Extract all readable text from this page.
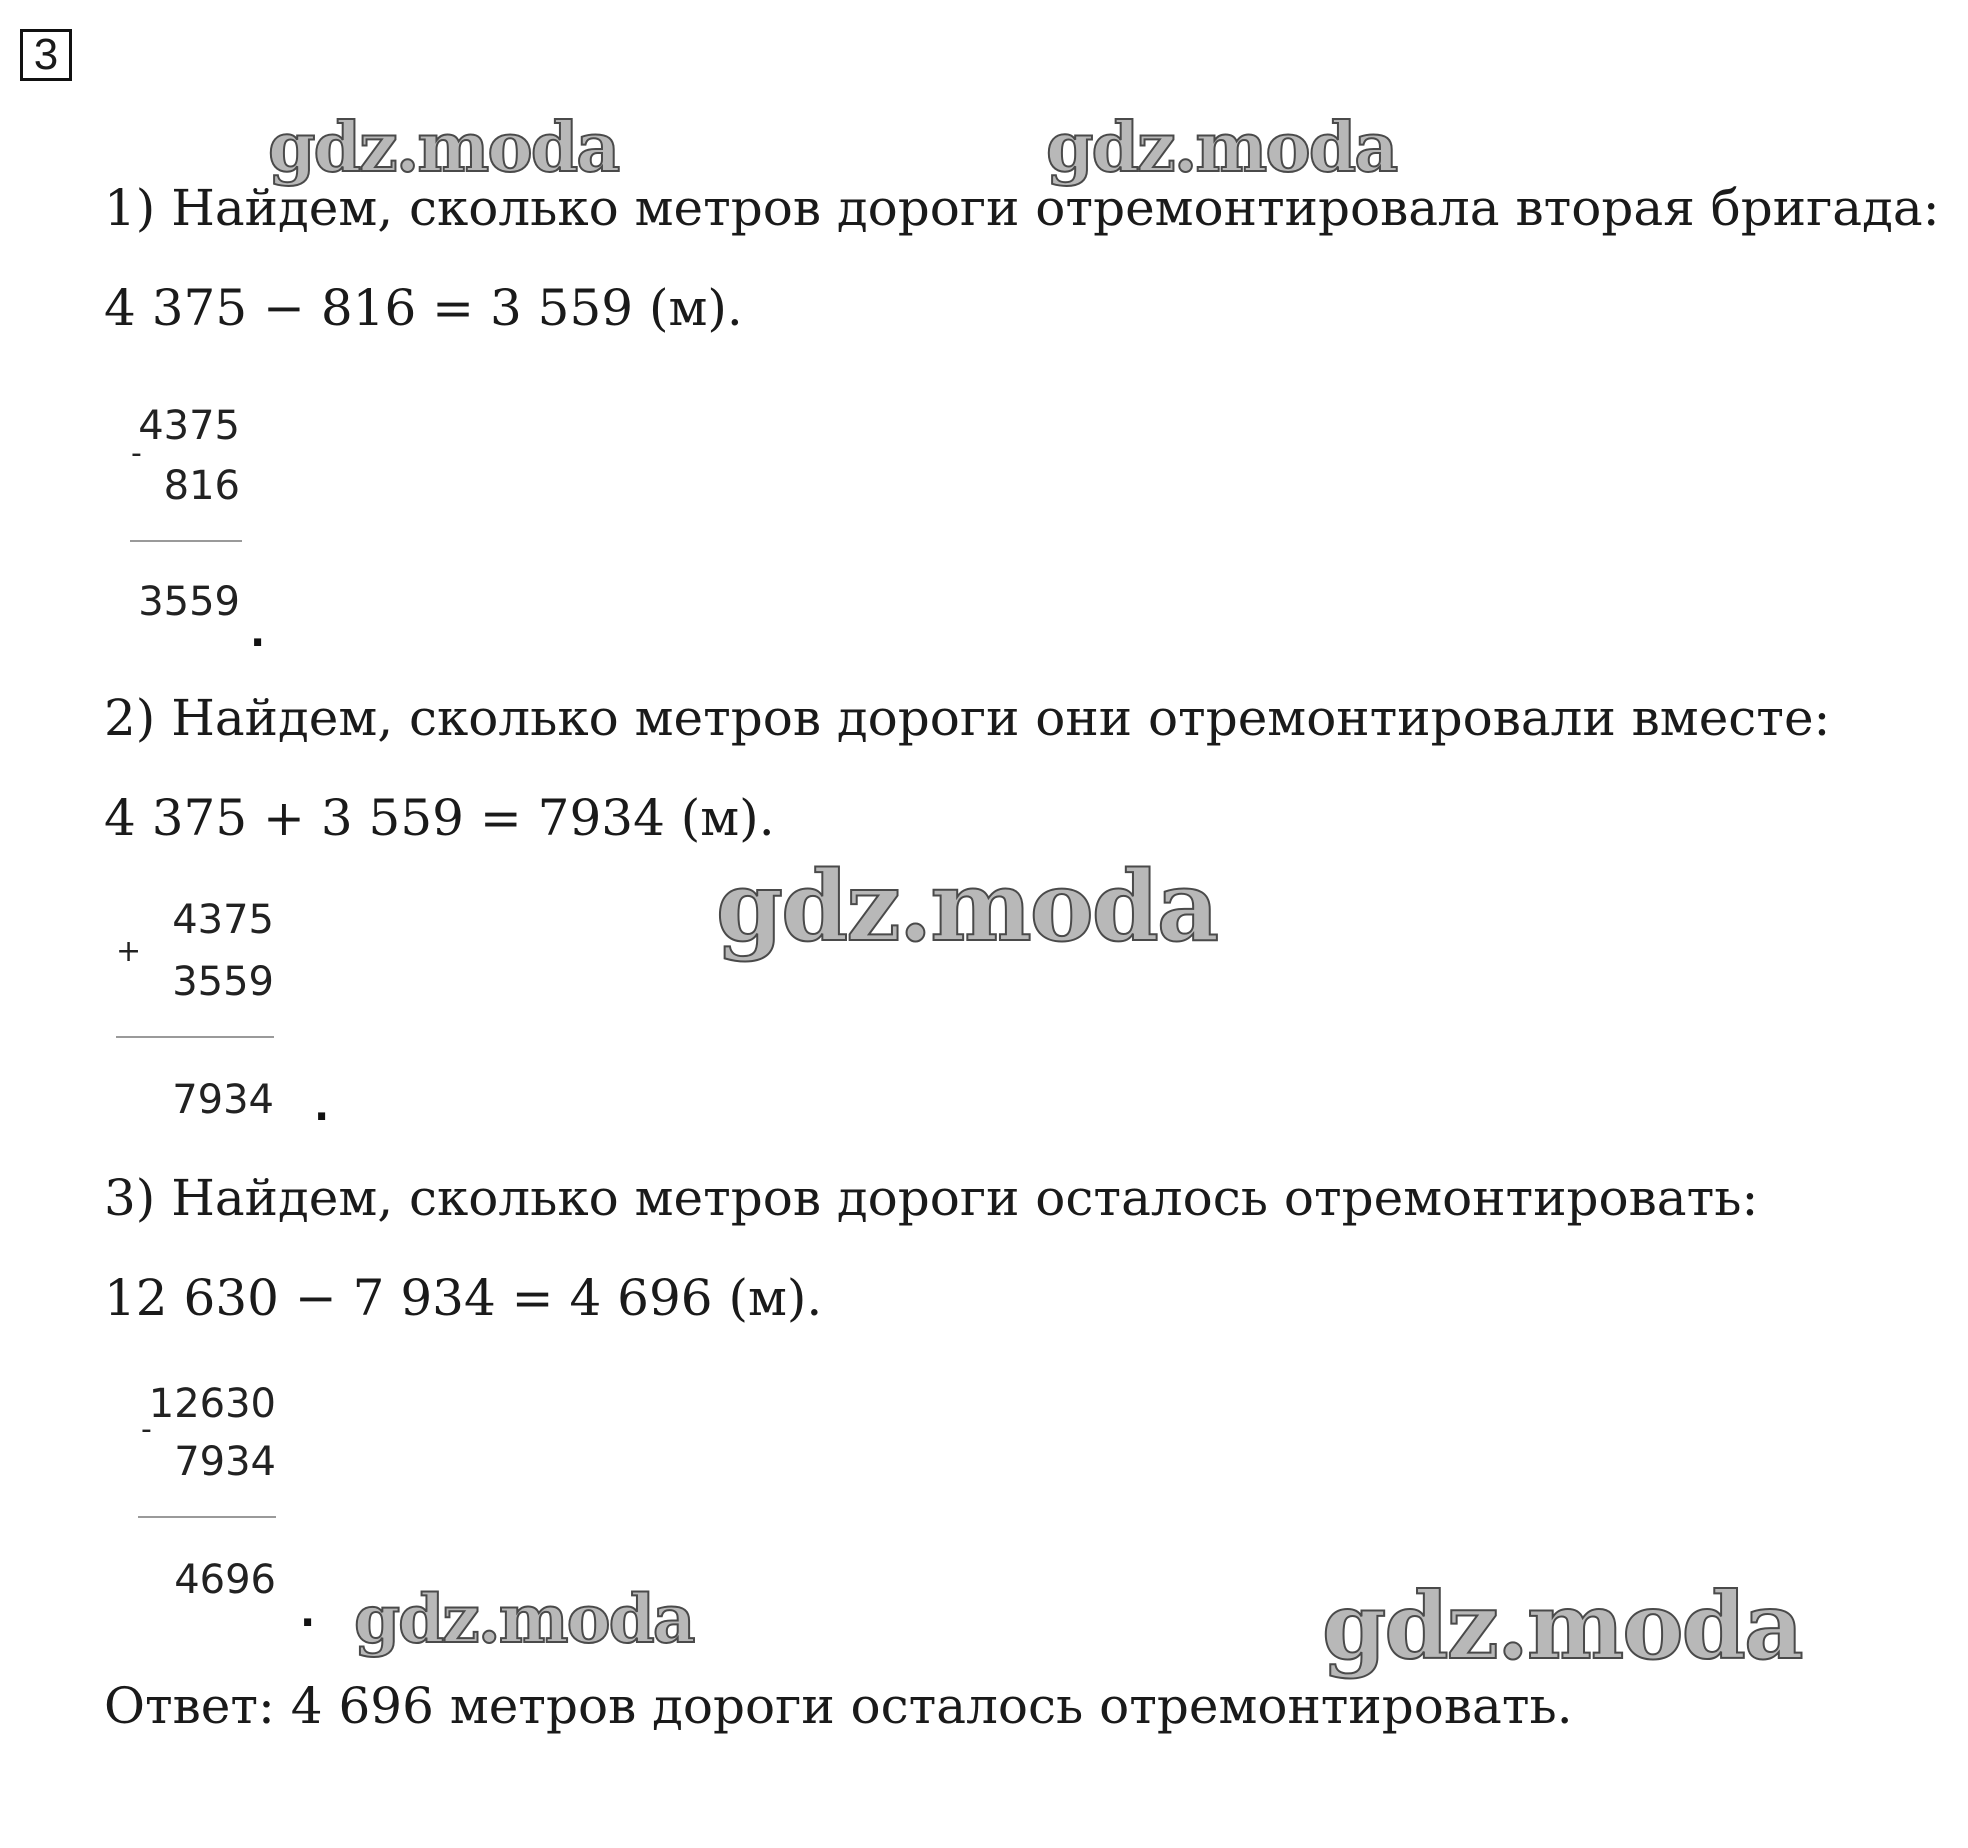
3
gdz.moda	gdz.moda
gdz.moda
gdz.moda	gdz.moda
1) Найдем, сколько метров дороги отремонтировала вторая бригада:
4 375 − 816 = 3 559 (м).
4375
-
816
3559
.
2) Найдем, сколько метров дороги они отремонтировали вместе:
4 375 + 3 559 = 7934 (м).
4375
+
3559
7934 .
3) Найдем, сколько метров дороги осталось отремонтировать:
12 630 − 7 934 = 4 696 (м).
12630
-
7934
4696
.
Ответ: 4 696 метров дороги осталось отремонтировать.
